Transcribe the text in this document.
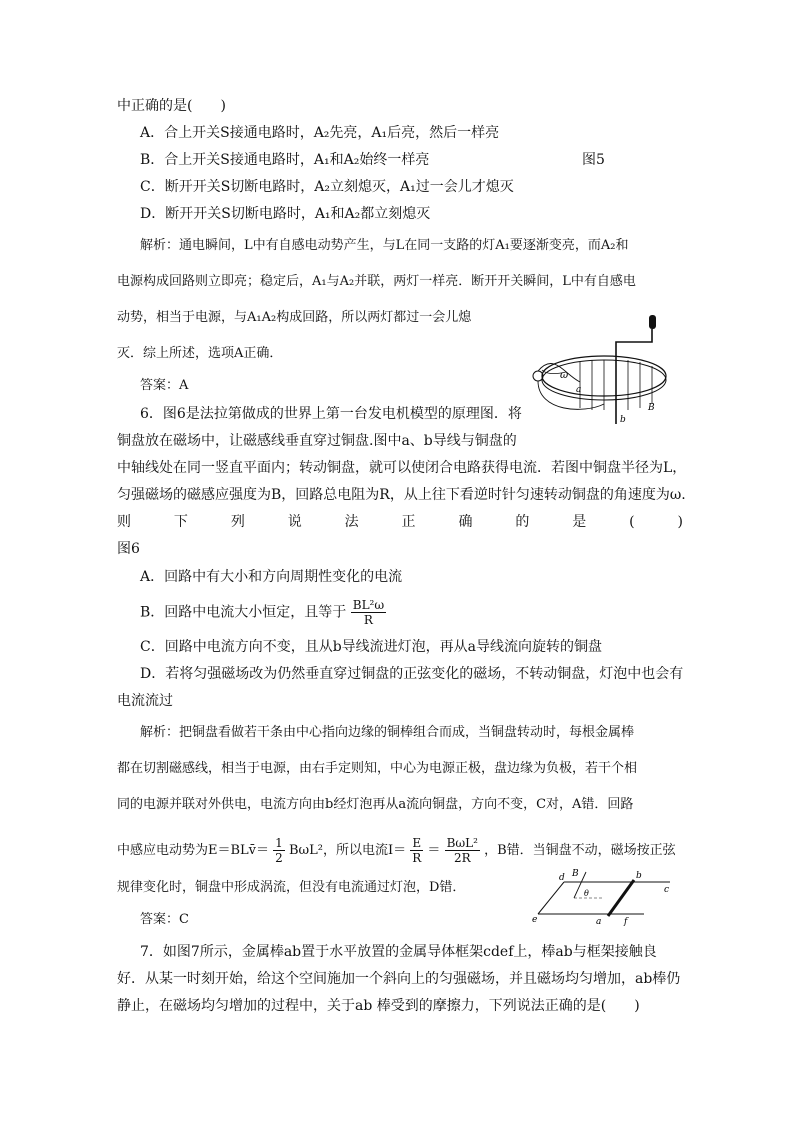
中正确的是(　　)
A．合上开关S接通电路时，A₂先亮，A₁后亮，然后一样亮
B．合上开关S接通电路时，A₁和A₂始终一样亮	图5
C．断开开关S切断电路时，A₂立刻熄灭，A₁过一会儿才熄灭
D．断开开关S切断电路时，A₁和A₂都立刻熄灭
解析：通电瞬间，L中有自感电动势产生，与L在同一支路的灯A₁要逐渐变亮，而A₂和
电源构成回路则立即亮；稳定后，A₁与A₂并联，两灯一样亮．断开开关瞬间，L中有自感电
动势，相当于电源，与A₁A₂构成回路，所以两灯都过一会儿熄
灭．综上所述，选项A正确．
答案：A
ω
a
b
B
6．图6是法拉第做成的世界上第一台发电机模型的原理图．将
铜盘放在磁场中，让磁感线垂直穿过铜盘.图中a、b导线与铜盘的
中轴线处在同一竖直平面内；转动铜盘，就可以使闭合电路获得电流．若图中铜盘半径为L，
匀强磁场的磁感应强度为B，回路总电阻为R，从上往下看逆时针匀速转动铜盘的角速度为ω.
则	下	列	说	法	正	确	的	是	(	)
图6
A．回路中有大小和方向周期性变化的电流
B．回路中电流大小恒定，且等于 $\frac{\text{BL²ω}}{R}$
C．回路中电流方向不变，且从b导线流进灯泡，再从a导线流向旋转的铜盘
D．若将匀强磁场改为仍然垂直穿过铜盘的正弦变化的磁场，不转动铜盘，灯泡中也会有
电流流过
解析：把铜盘看做若干条由中心指向边缘的铜棒组合而成，当铜盘转动时，每根金属棒
都在切割磁感线，相当于电源，由右手定则知，中心为电源正极，盘边缘为负极，若干个相
同的电源并联对外供电，电流方向由b经灯泡再从a流向铜盘，方向不变，C对，A错．回路
中感应电动势为E＝BLv̄＝ $\frac{1}{2} B\omega L^2$，所以电流$I= \frac{E}{R} = \frac{\text{BωL²}}{2R}$ ，B错．当铜盘不动，磁场按正弦
规律变化时，铜盘中形成涡流，但没有电流通过灯泡，D错．
答案：C
d B
θ
b
c
e	a	f
7．如图7所示，金属棒ab置于水平放置的金属导体框架cdef上，棒ab与框架接触良
好．从某一时刻开始，给这个空间施加一个斜向上的匀强磁场，并且磁场均匀增加，ab棒仍
静止，在磁场均匀增加的过程中，关于ab 棒受到的摩擦力，下列说法正确的是(　　)
